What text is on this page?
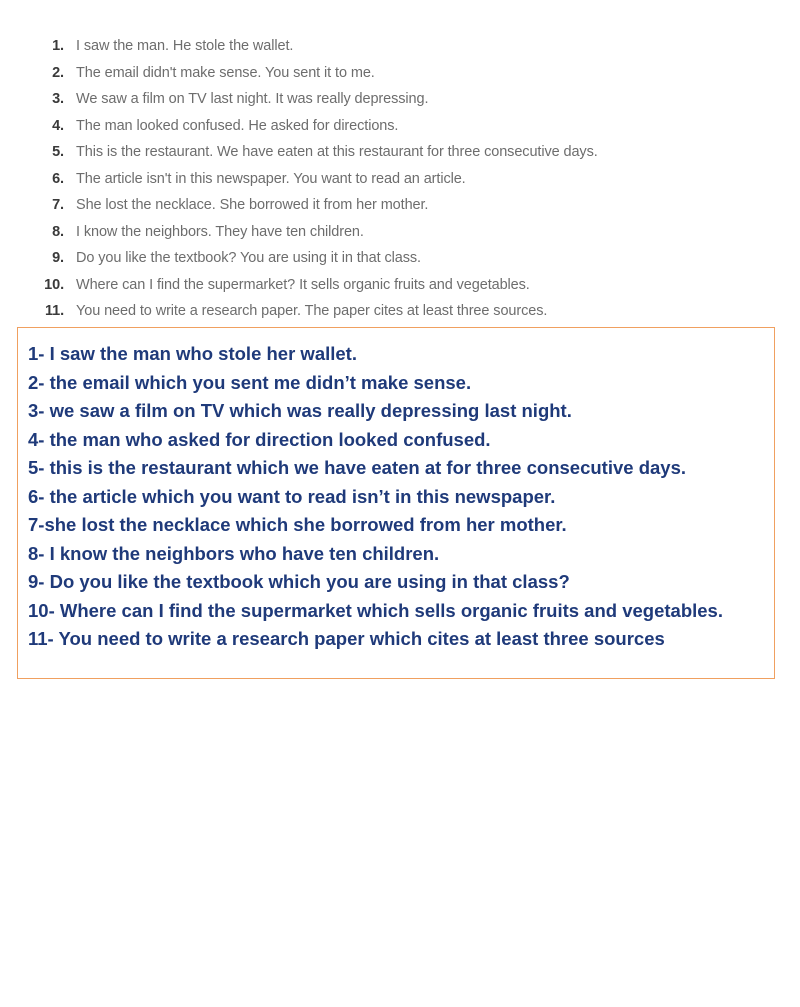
1. I saw the man. He stole the wallet.
2. The email didn't make sense. You sent it to me.
3. We saw a film on TV last night. It was really depressing.
4. The man looked confused. He asked for directions.
5. This is the restaurant. We have eaten at this restaurant for three consecutive days.
6. The article isn't in this newspaper. You want to read an article.
7. She lost the necklace. She borrowed it from her mother.
8. I know the neighbors. They have ten children.
9. Do you like the textbook? You are using it in that class.
10. Where can I find the supermarket? It sells organic fruits and vegetables.
11. You need to write a research paper. The paper cites at least three sources.
1- I saw the man who stole her wallet.
2- the email which you sent me didn’t make sense.
3- we saw a film on TV which was really depressing last night.
4- the man who asked for direction looked confused.
5- this is the restaurant which we have eaten at for three consecutive days.
6- the article which you want to read isn’t in this newspaper.
7-she lost the necklace which she borrowed from her mother.
8- I know the neighbors who have ten children.
9- Do you like the textbook which you are using in that class?
10- Where can I find the supermarket which sells organic fruits and vegetables.
11- You need to write a research paper which cites at least three sources
